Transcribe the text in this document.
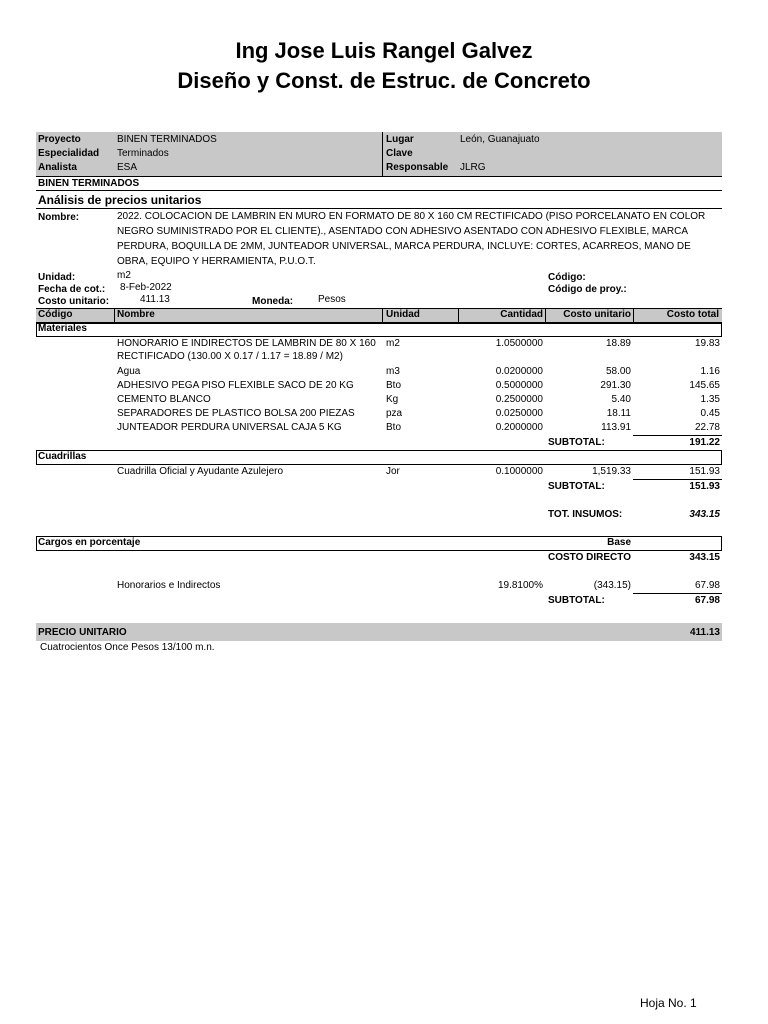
Ing Jose Luis Rangel Galvez
Diseño y Const. de Estruc. de Concreto
Proyecto	BINEN TERMINADOS
Especialidad Terminados
Analista	ESA
Lugar	León, Guanajuato
Clave
Responsable JLRG
BINEN TERMINADOS
Análisis de precios unitarios
Nombre:	2022. COLOCACION DE LAMBRIN EN MURO EN FORMATO DE 80 X 160 CM RECTIFICADO (PISO PORCELANATO EN COLOR
NEGRO SUMINISTRADO POR EL CLIENTE)., ASENTADO CON ADHESIVO ASENTADO CON ADHESIVO FLEXIBLE, MARCA
PERDURA, BOQUILLA DE 2MM, JUNTEADOR UNIVERSAL, MARCA PERDURA, INCLUYE: CORTES, ACARREOS, MANO DE
OBRA, EQUIPO Y HERRAMIENTA, P.U.O.T.
Unidad:	m2
Fecha de cot.: 8-Feb-2022
Costo unitario:	411.13	Moneda: Pesos
Código:
Código de proy.:
Código	Nombre	Unidad	Cantidad	Costo unitario	Costo total
Materiales
HONORARIO E INDIRECTOS DE LAMBRIN DE 80 X 160
RECTIFICADO (130.00 X 0.17 / 1.17 = 18.89 / M2)
m2	1.0500000	18.89	19.83
Agua	m3	0.0200000	58.00	1.16
ADHESIVO PEGA PISO FLEXIBLE SACO DE 20 KG	Bto	0.5000000	291.30	145.65
CEMENTO BLANCO	Kg	0.2500000	5.40	1.35
SEPARADORES DE PLASTICO BOLSA 200 PIEZAS	pza	0.0250000	18.11	0.45
JUNTEADOR PERDURA UNIVERSAL CAJA 5 KG	Bto	0.2000000	113.91	22.78
SUBTOTAL:	191.22
Cuadrillas
Cuadrilla Oficial y Ayudante Azulejero	Jor	0.1000000	1,519.33	151.93
SUBTOTAL:	151.93
TOT. INSUMOS:	343.15
Cargos en porcentaje	Base
COSTO DIRECTO	343.15
Honorarios e Indirectos	19.8100%	(343.15)	67.98
SUBTOTAL:	67.98
PRECIO UNITARIO	411.13
Cuatrocientos Once Pesos 13/100 m.n.
Hoja No. 1
